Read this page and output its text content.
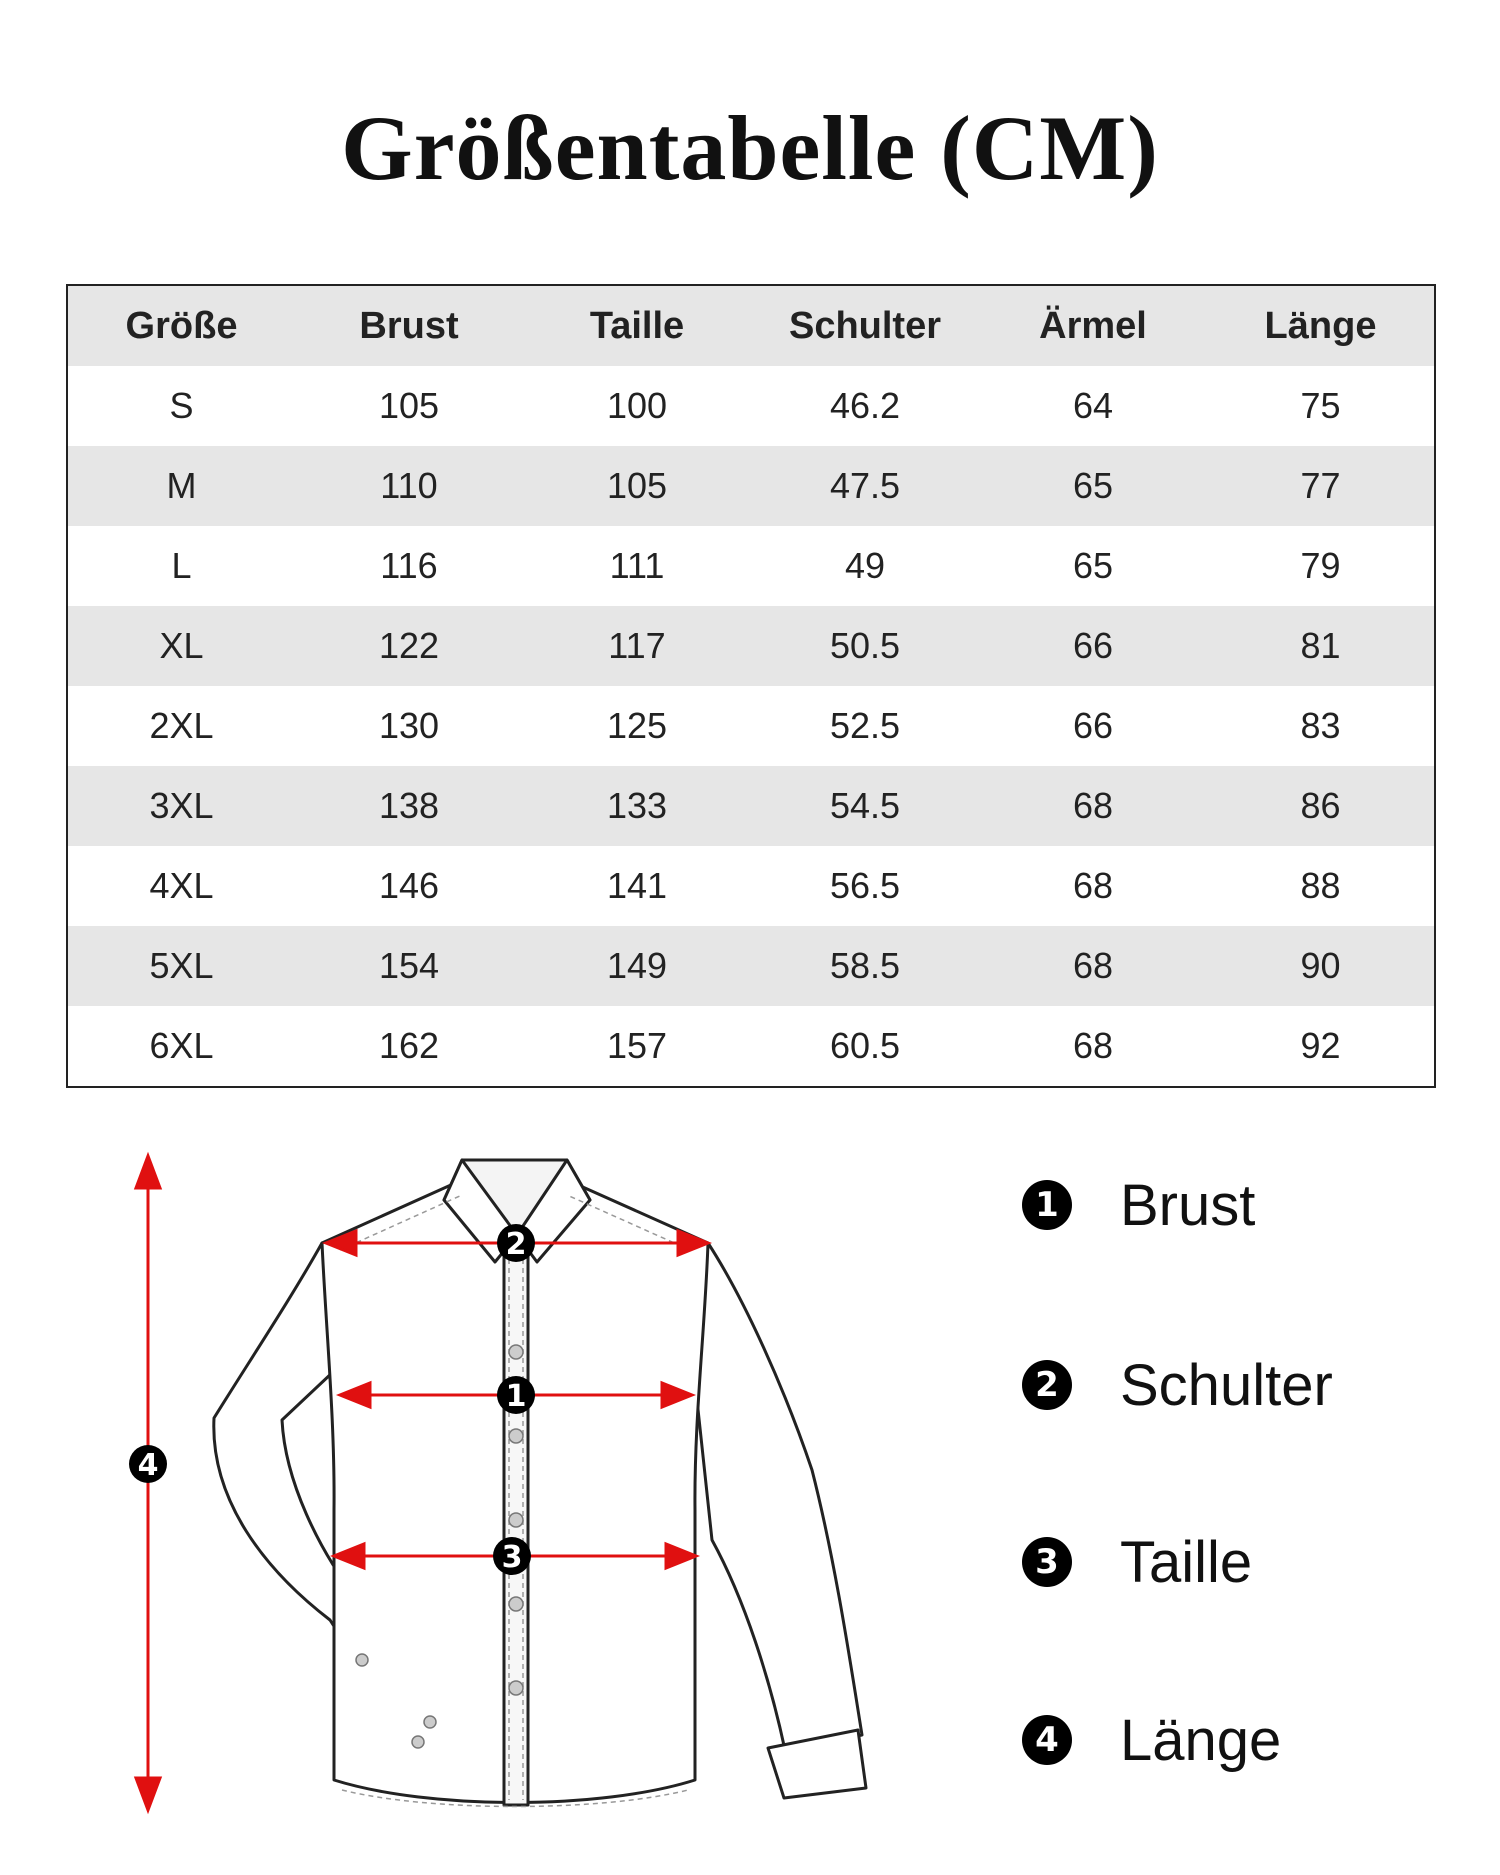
Größentabelle (CM)
Größe	Brust	Taille	Schulter	Ärmel	Länge
S	105	100	46.2	64	75
M	110	105	47.5	65	77
L	116	111	49	65	79
XL	122	117	50.5	66	81
2XL	130	125	52.5	66	83
3XL	138	133	54.5	68	86
4XL	146	141	56.5	68	88
5XL	154	149	58.5	68	90
6XL	162	157	60.5	68	92
2
1
3
4
1 Brust
2 Schulter
3 Taille
4 Länge
